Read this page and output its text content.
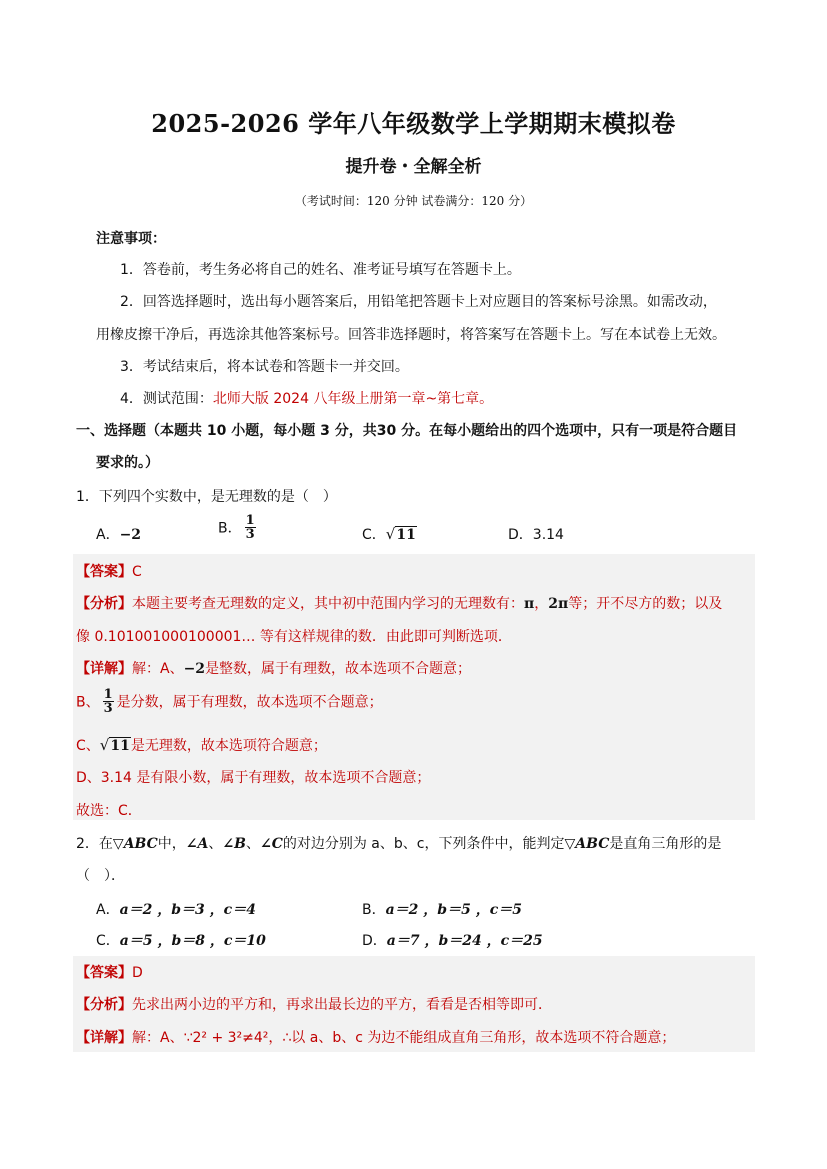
2025-2026 学年八年级数学上学期期末模拟卷
提升卷・全解全析
（考试时间：120 分钟 试卷满分：120 分）
注意事项：
1．答卷前，考生务必将自己的姓名、准考证号填写在答题卡上。
2．回答选择题时，选出每小题答案后，用铅笔把答题卡上对应题目的答案标号涂黑。如需改动，
用橡皮擦干净后，再选涂其他答案标号。回答非选择题时，将答案写在答题卡上。写在本试卷上无效。
3．考试结束后，将本试卷和答题卡一并交回。
4．测试范围：北师大版 2024 八年级上册第一章~第七章。
一、选择题（本题共 10 小题，每小题 3 分，共30 分。在每小题给出的四个选项中，只有一项是符合题目
要求的。）
1．下列四个实数中，是无理数的是（　）
A．−2	B． $\frac{1}{3}$	C．√11	D．3.14
【答案】C
【分析】本题主要考查无理数的定义，其中初中范围内学习的无理数有：π，2π等；开不尽方的数；以及
像 0.101001000100001… 等有这样规律的数．由此即可判断选项．
【详解】解：A、−2是整数，属于有理数，故本选项不合题意；
B、 $\frac{1}{3}$ 是分数，属于有理数，故本选项不合题意；
C、√11是无理数，故本选项符合题意；
D、3.14 是有限小数，属于有理数，故本选项不合题意；
故选：C．
2．在▽ABC中，∠A、∠B、∠C的对边分别为 a、b、c，下列条件中，能判定▽ABC是直角三角形的是
（　）．
A．a＝2 ，b＝3 ，c＝4	B．a＝2 ，b＝5 ，c＝5
C．a＝5 ，b＝8 ，c＝10	D．a＝7 ，b＝24 ，c＝25
【答案】D
【分析】先求出两小边的平方和，再求出最长边的平方，看看是否相等即可．
【详解】解：A、∵2² + 3²≠4²，∴以 a、b、c 为边不能组成直角三角形，故本选项不符合题意；
